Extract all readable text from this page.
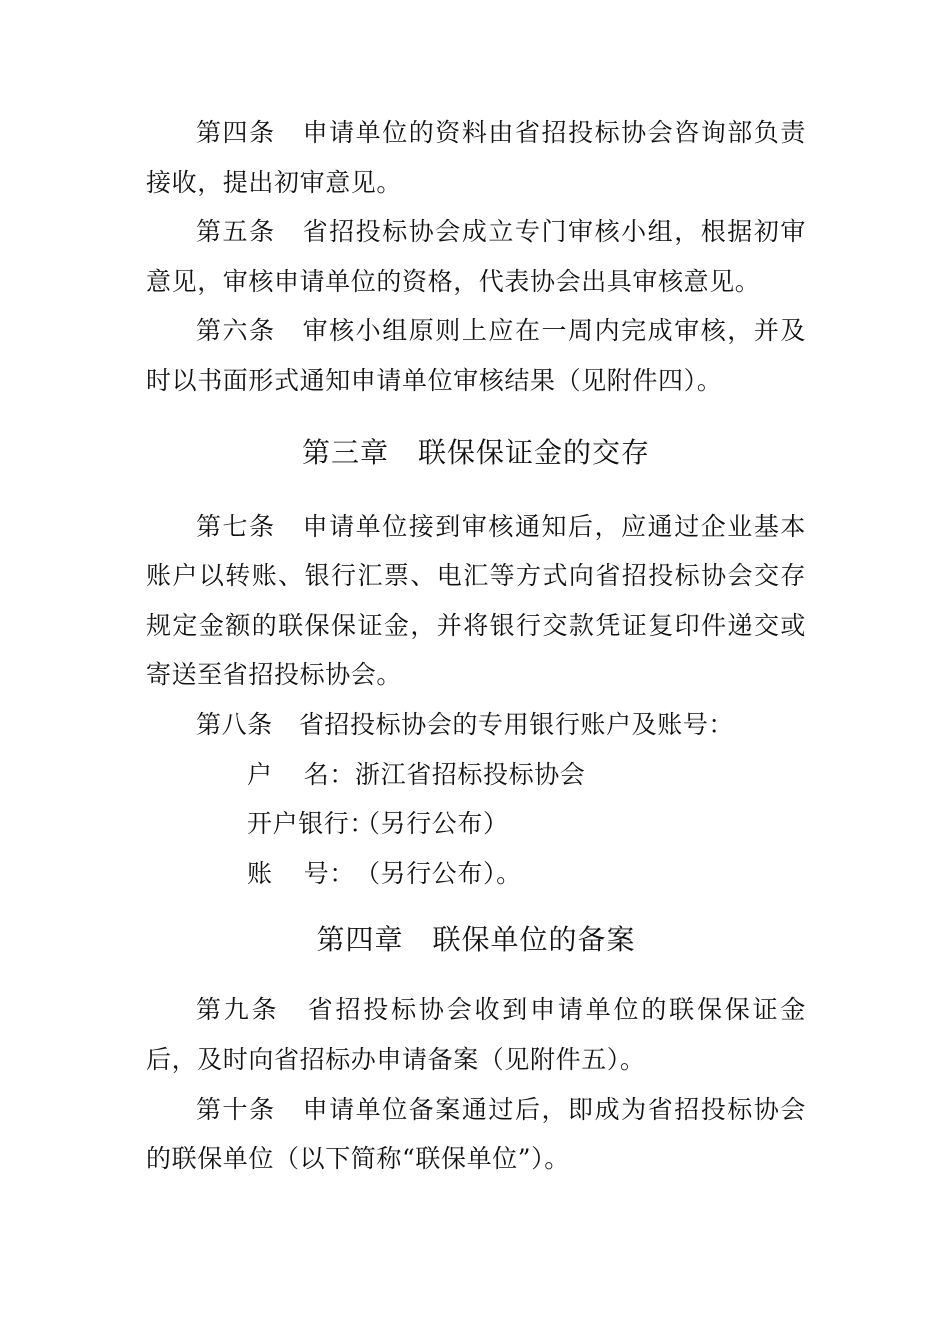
第四条 申请单位的资料由省招投标协会咨询部负责接收，提出初审意见。

第五条 省招投标协会成立专门审核小组，根据初审意见，审核申请单位的资格，代表协会出具审核意见。

第六条 审核小组原则上应在一周内完成审核，并及时以书面形式通知申请单位审核结果（见附件四）。

第三章　联保保证金的交存

第七条 申请单位接到审核通知后，应通过企业基本账户以转账、银行汇票、电汇等方式向省招投标协会交存规定金额的联保保证金，并将银行交款凭证复印件递交或寄送至省招投标协会。

第八条 省招投标协会的专用银行账户及账号：

户 名： 浙江省招标投标协会
开户银行：（另行公布）
账 号： （另行公布）。

第四章　联保单位的备案

第九条 省招投标协会收到申请单位的联保保证金后，及时向省招标办申请备案（见附件五）。

第十条 申请单位备案通过后，即成为省招投标协会的联保单位（以下简称“联保单位”）。
